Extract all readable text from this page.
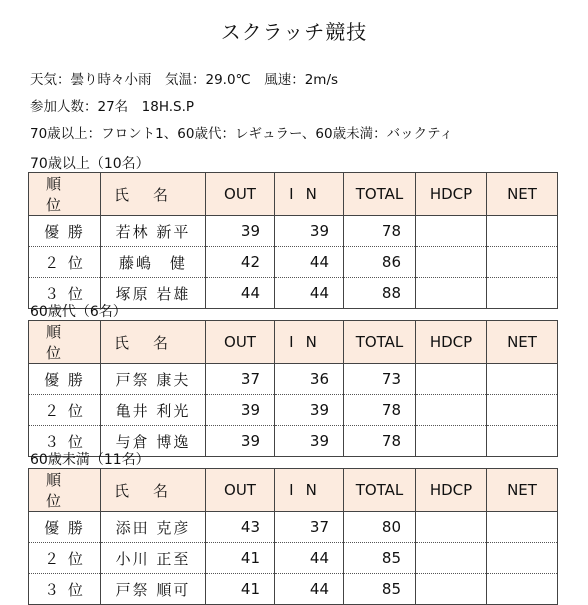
スクラッチ競技
天気：曇り時々小雨　気温：29.0℃　風速：2m/s
参加人数：27名　18H.S.P
70歳以上：フロント1、60歳代：レギュラー、60歳未満：バックティ
70歳以上（10名）
順位	氏名	OUT	IN	TOTAL	HDCP	NET
優 勝	若林 新平	39	39	78		
２ 位	藤嶋　健	42	44	86		
３ 位	塚原 岩雄	44	44	88		
60歳代（6名）
順位	氏名	OUT	IN	TOTAL	HDCP	NET
優 勝	戸祭 康夫	37	36	73		
２ 位	亀井 利光	39	39	78		
３ 位	与倉 博逸	39	39	78		
60歳未満（11名）
順位	氏名	OUT	IN	TOTAL	HDCP	NET
優 勝	添田 克彦	43	37	80		
２ 位	小川 正至	41	44	85		
３ 位	戸祭 順可	41	44	85		
